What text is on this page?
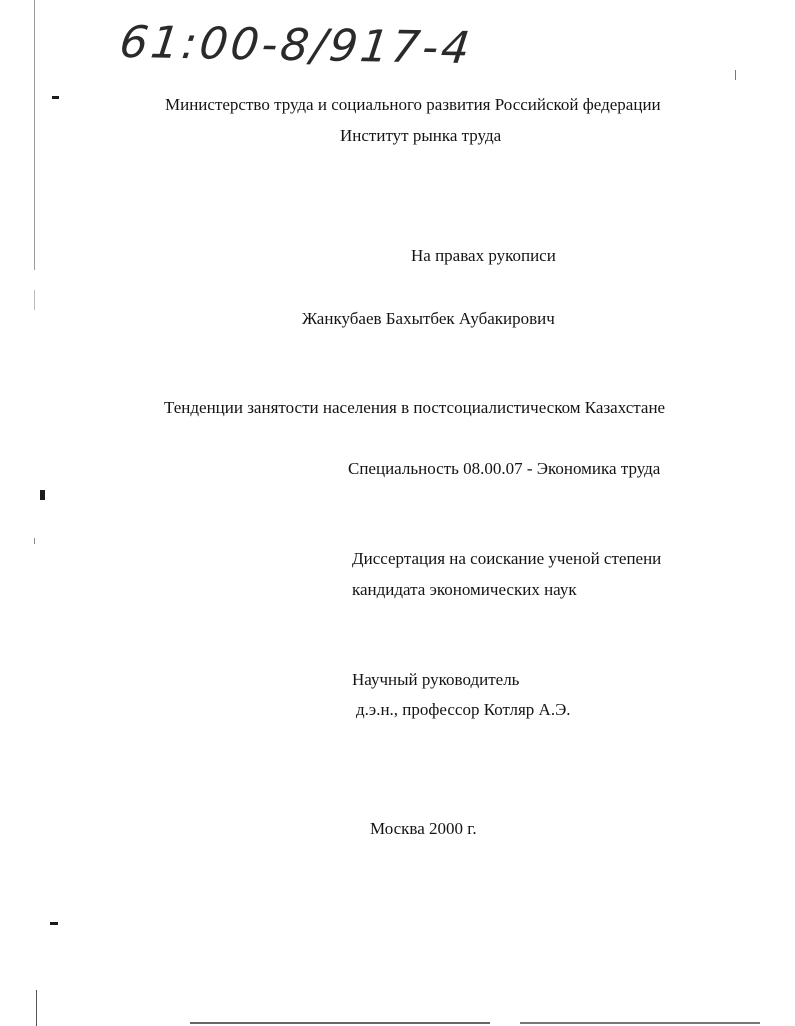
61:00-8/917-4
Министерство труда и социального развития Российской федерации
Институт рынка труда
На правах рукописи
Жанкубаев Бахытбек Аубакирович
Тенденции занятости населения в постсоциалистическом Казахстане
Специальность 08.00.07 - Экономика труда
Диссертация на соискание ученой степени
кандидата экономических наук
Научный руководитель
д.э.н., профессор Котляр А.Э.
Москва 2000 г.
